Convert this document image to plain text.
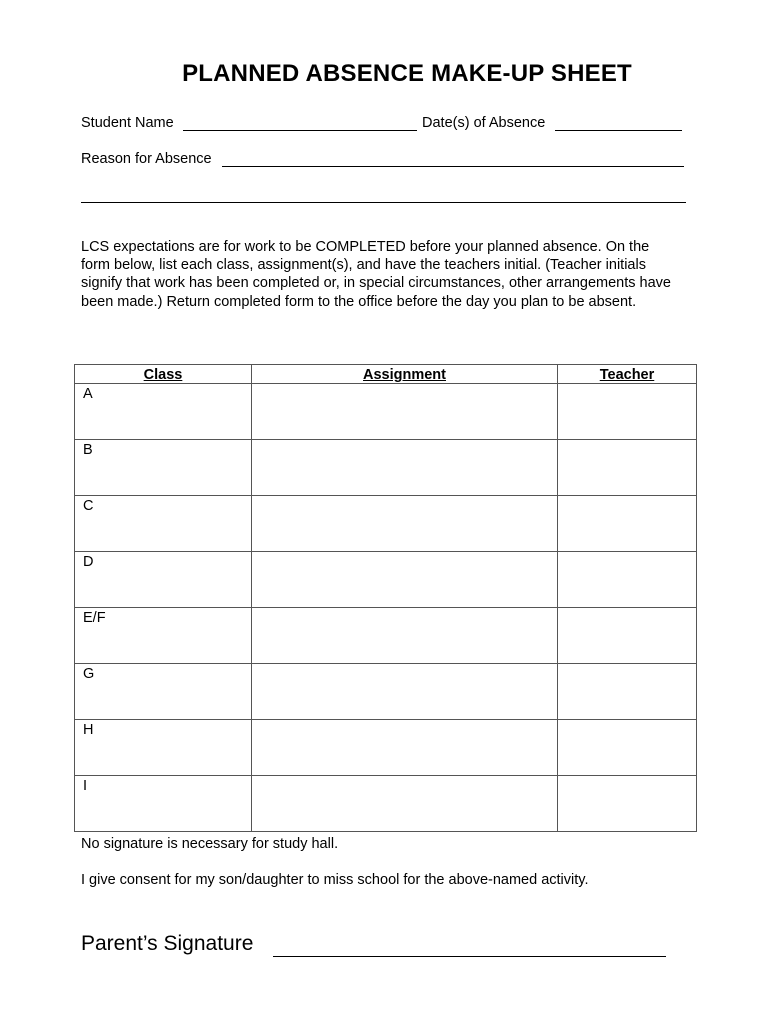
PLANNED ABSENCE MAKE-UP SHEET
Student Name	Date(s) of Absence
Reason for Absence
LCS expectations are for work to be COMPLETED before your planned absence. On the form below, list each class, assignment(s), and have the teachers initial. (Teacher initials signify that work has been completed or, in special circumstances, other arrangements have been made.) Return completed form to the office before the day you plan to be absent.
Class	Assignment	Teacher
A		
B		
C		
D		
E/F		
G		
H		
I		
No signature is necessary for study hall.
I give consent for my son/daughter to miss school for the above-named activity.
Parent’s Signature
